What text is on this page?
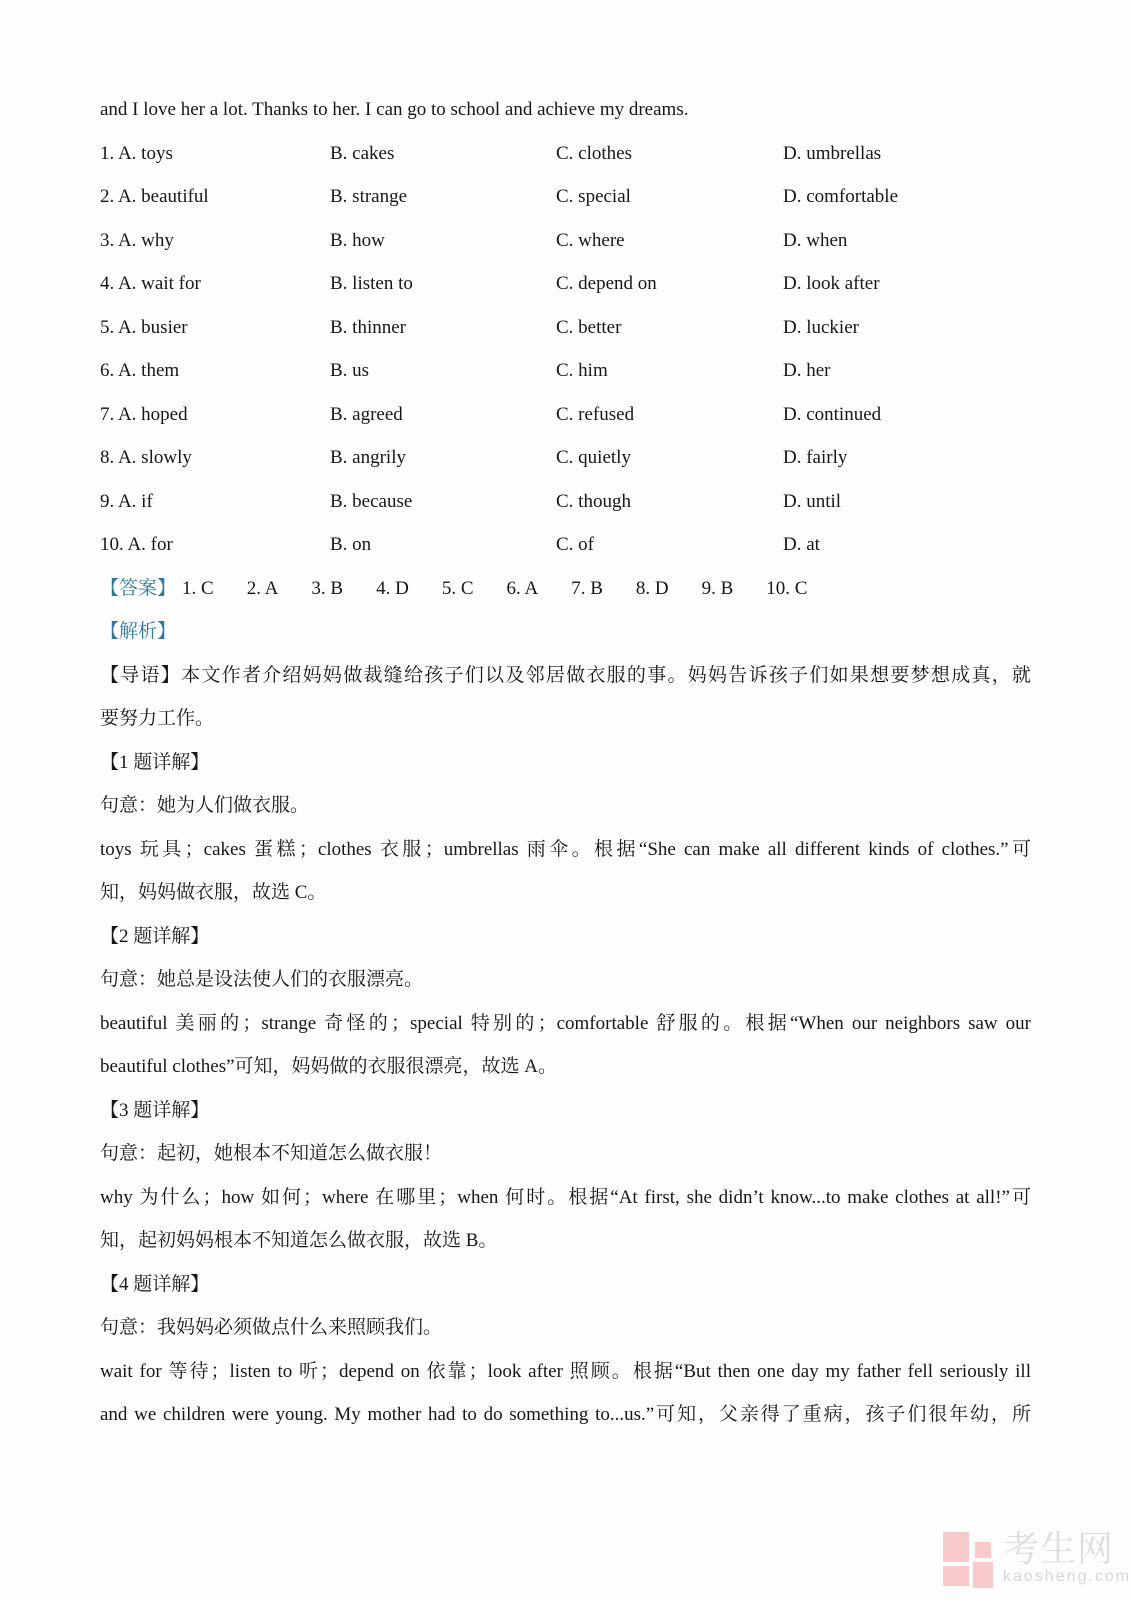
and I love her a lot. Thanks to her. I can go to school and achieve my dreams.
1. A. toys	B. cakes	C. clothes	D. umbrellas
2. A. beautiful	B. strange	C. special	D. comfortable
3. A. why	B. how	C. where	D. when
4. A. wait for	B. listen to	C. depend on	D. look after
5. A. busier	B. thinner	C. better	D. luckier
6. A. them	B. us	C. him	D. her
7. A. hoped	B. agreed	C. refused	D. continued
8. A. slowly	B. angrily	C. quietly	D. fairly
9. A. if	B. because	C. though	D. until
10. A. for	B. on	C. of	D. at
【答案】 1. C 2. A 3. B 4. D 5. C 6. A 7. B 8. D 9. B 10. C
【解析】
【导语】本文作者介绍妈妈做裁缝给孩子们以及邻居做衣服的事。妈妈告诉孩子们如果想要梦想成真，就
要努力工作。
【1 题详解】
句意：她为人们做衣服。
toys 玩具；cakes 蛋糕；clothes 衣服；umbrellas 雨伞。根据“She can make all different kinds of clothes.”可
知，妈妈做衣服，故选 C。
【2 题详解】
句意：她总是设法使人们的衣服漂亮。
beautiful 美丽的；strange 奇怪的；special 特别的；comfortable 舒服的。根据“When our neighbors saw our
beautiful clothes”可知，妈妈做的衣服很漂亮，故选 A。
【3 题详解】
句意：起初，她根本不知道怎么做衣服！
why 为什么；how 如何；where 在哪里；when 何时。根据“At first, she didn’t know...to make clothes at all!”可
知，起初妈妈根本不知道怎么做衣服，故选 B。
【4 题详解】
句意：我妈妈必须做点什么来照顾我们。
wait for 等待；listen to 听；depend on 依靠；look after 照顾。根据“But then one day my father fell seriously ill
and we children were young. My mother had to do something to...us.”可知，父亲得了重病，孩子们很年幼，所
考生网
kaosheng.com
